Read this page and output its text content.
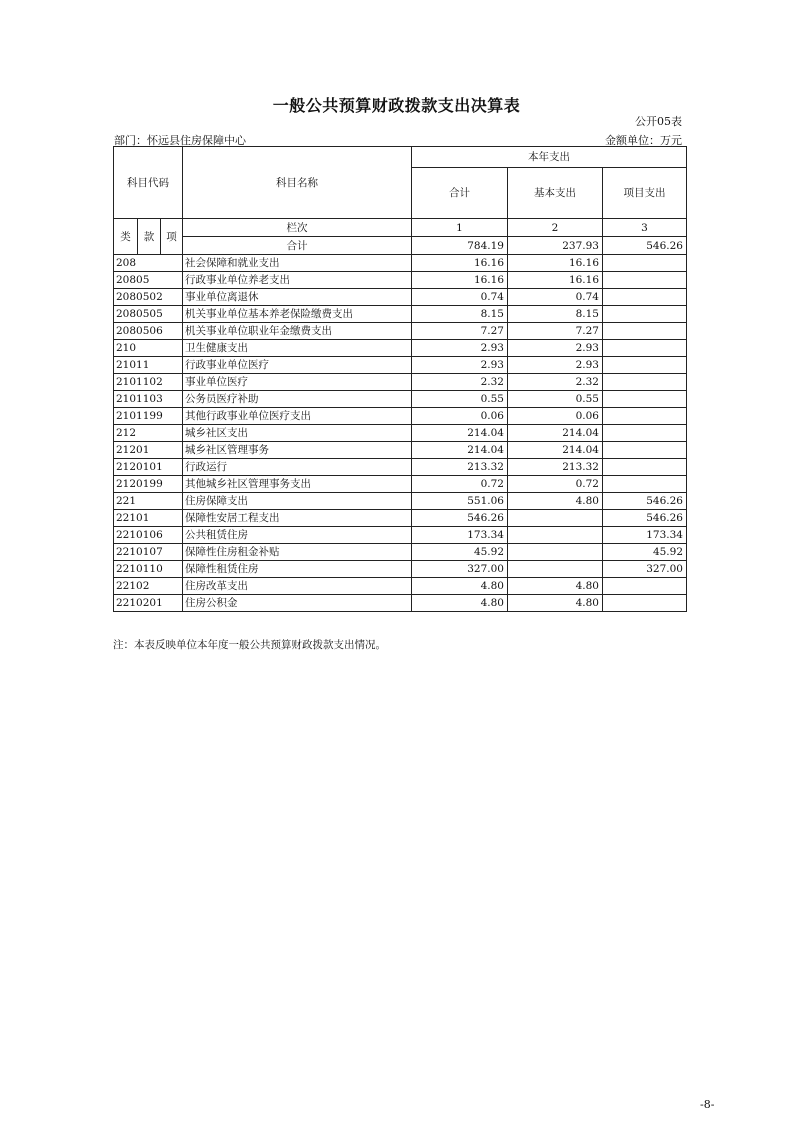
一般公共预算财政拨款支出决算表
公开05表
部门：怀远县住房保障中心	金额单位：万元
科目代码			科目名称	本年支出		
				合计	基本支出	项目支出
类	款	项	栏次	1	2	3
			合计	784.19	237.93	546.26
208			社会保障和就业支出	16.16	16.16	
20805			行政事业单位养老支出	16.16	16.16	
2080502			事业单位离退休	0.74	0.74	
2080505			机关事业单位基本养老保险缴费支出	8.15	8.15	
2080506			机关事业单位职业年金缴费支出	7.27	7.27	
210			卫生健康支出	2.93	2.93	
21011			行政事业单位医疗	2.93	2.93	
2101102			事业单位医疗	2.32	2.32	
2101103			公务员医疗补助	0.55	0.55	
2101199			其他行政事业单位医疗支出	0.06	0.06	
212			城乡社区支出	214.04	214.04	
21201			城乡社区管理事务	214.04	214.04	
2120101			行政运行	213.32	213.32	
2120199			其他城乡社区管理事务支出	0.72	0.72	
221			住房保障支出	551.06	4.80	546.26
22101			保障性安居工程支出	546.26		546.26
2210106			公共租赁住房	173.34		173.34
2210107			保障性住房租金补贴	45.92		45.92
2210110			保障性租赁住房	327.00		327.00
22102			住房改革支出	4.80	4.80	
2210201			住房公积金	4.80	4.80	
注：本表反映单位本年度一般公共预算财政拨款支出情况。
-8-
